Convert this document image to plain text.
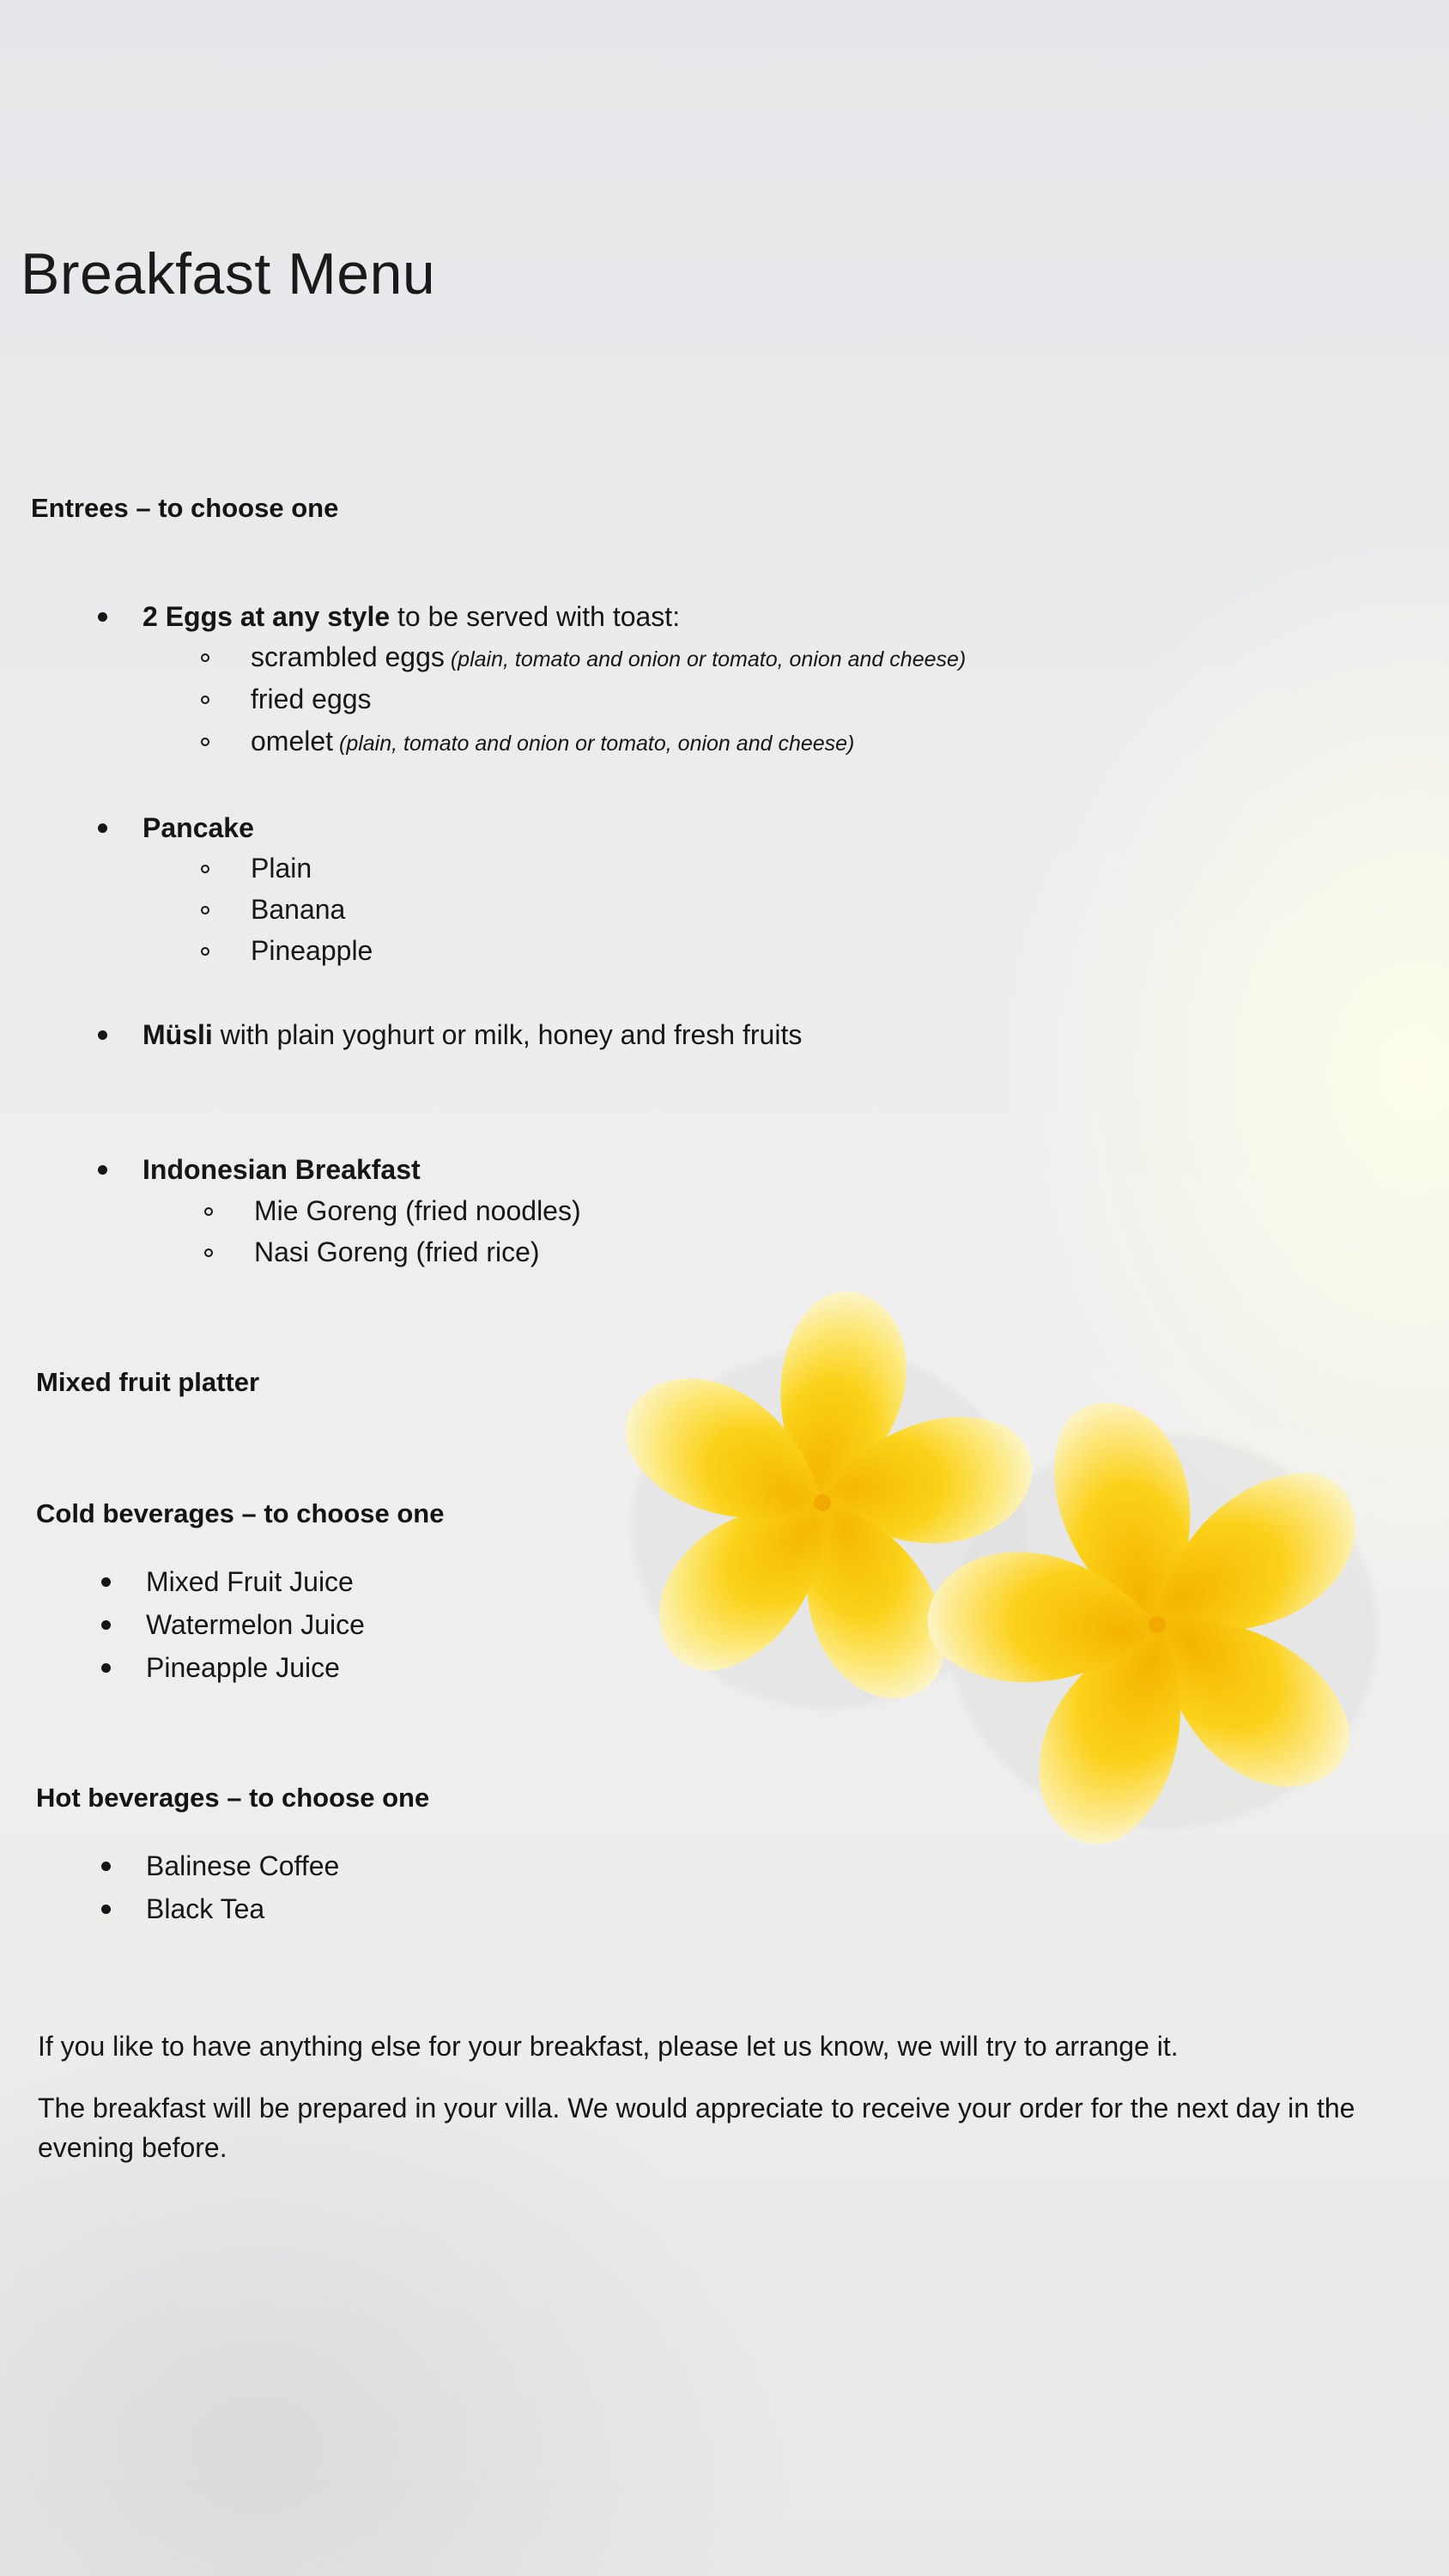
Breakfast Menu
Entrees – to choose one
2 Eggs at any style to be served with toast:
scrambled eggs (plain, tomato and onion or tomato, onion and cheese)
fried eggs
omelet (plain, tomato and onion or tomato, onion and cheese)
Pancake
Plain
Banana
Pineapple
Müsli with plain yoghurt or milk, honey and fresh fruits
Indonesian Breakfast
Mie Goreng (fried noodles)
Nasi Goreng (fried rice)
Mixed fruit platter
Cold beverages – to choose one
Mixed Fruit Juice
Watermelon Juice
Pineapple Juice
Hot beverages – to choose one
Balinese Coffee
Black Tea

If you like to have anything else for your breakfast, please let us know, we will try to arrange it.

The breakfast will be prepared in your villa. We would appreciate to receive your order for the next day in the evening before.
